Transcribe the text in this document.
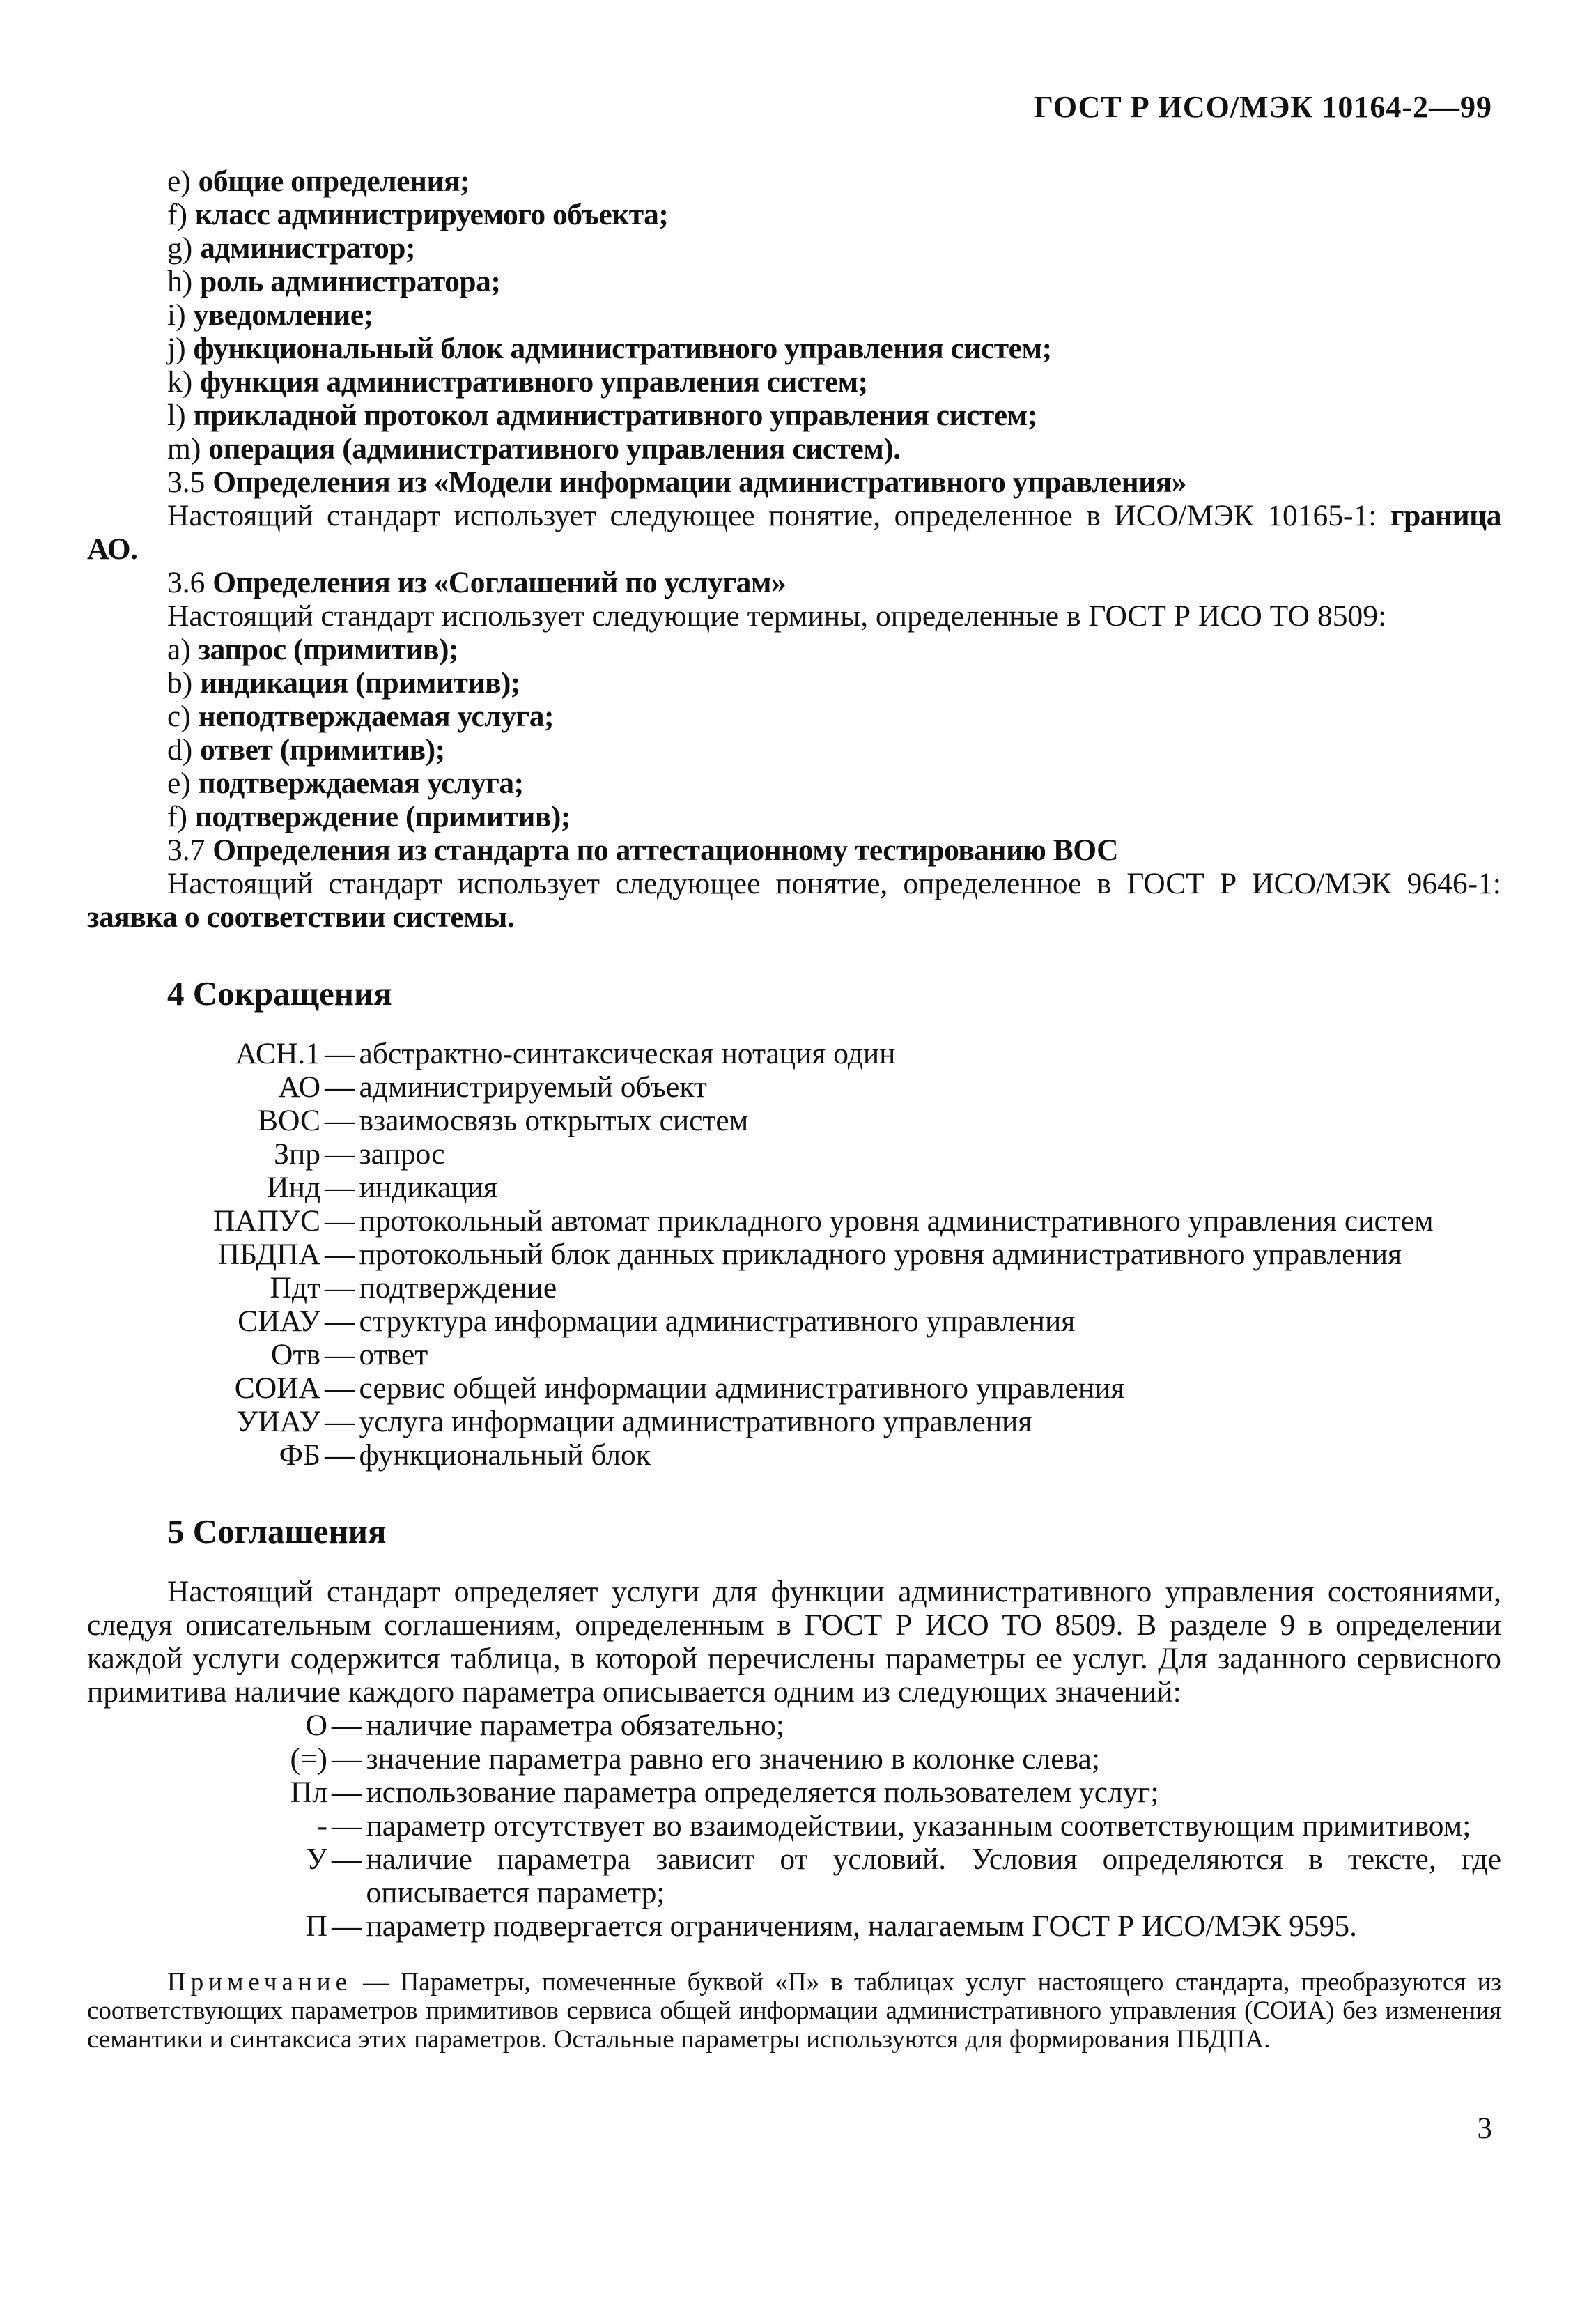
ГОСТ Р ИСО/МЭК 10164-2—99
e) общие определения;
f) класс администрируемого объекта;
g) администратор;
h) роль администратора;
i) уведомление;
j) функциональный блок административного управления систем;
k) функция административного управления систем;
l) прикладной протокол административного управления систем;
m) операция (административного управления систем).
3.5 Определения из «Модели информации административного управления»
Настоящий стандарт использует следующее понятие, определенное в ИСО/МЭК 10165-1: граница АО.
3.6 Определения из «Соглашений по услугам»
Настоящий стандарт использует следующие термины, определенные в ГОСТ Р ИСО ТО 8509:
a) запрос (примитив);
b) индикация (примитив);
c) неподтверждаемая услуга;
d) ответ (примитив);
e) подтверждаемая услуга;
f) подтверждение (примитив);
3.7 Определения из стандарта по аттестационному тестированию ВОС
Настоящий стандарт использует следующее понятие, определенное в ГОСТ Р ИСО/МЭК 9646-1: заявка о соответствии системы.
4 Сокращения
АСН.1	—	абстрактно-синтаксическая нотация один
АО	—	администрируемый объект
ВОС	—	взаимосвязь открытых систем
Зпр	—	запрос
Инд	—	индикация
ПАПУС	—	протокольный автомат прикладного уровня административного управления систем
ПБДПА	—	протокольный блок данных прикладного уровня административного управления
Пдт	—	подтверждение
СИАУ	—	структура информации административного управления
Отв	—	ответ
СОИА	—	сервис общей информации административного управления
УИАУ	—	услуга информации административного управления
ФБ	—	функциональный блок
5 Соглашения
Настоящий стандарт определяет услуги для функции административного управления состояниями, следуя описательным соглашениям, определенным в ГОСТ Р ИСО ТО 8509. В разделе 9 в определении каждой услуги содержится таблица, в которой перечислены параметры ее услуг. Для заданного сервисного примитива наличие каждого параметра описывается одним из следующих значений:
О	—	наличие параметра обязательно;
(=)	—	значение параметра равно его значению в колонке слева;
Пл	—	использование параметра определяется пользователем услуг;
-	—	параметр отсутствует во взаимодействии, указанным соответствующим примитивом;
У	—	наличие параметра зависит от условий. Условия определяются в тексте, где описывается параметр;
П	—	параметр подвергается ограничениям, налагаемым ГОСТ Р ИСО/МЭК 9595.
Примечание — Параметры, помеченные буквой «П» в таблицах услуг настоящего стандарта, преобразуются из соответствующих параметров примитивов сервиса общей информации административного управления (СОИА) без изменения семантики и синтаксиса этих параметров. Остальные параметры используются для формирования ПБДПА.
3
